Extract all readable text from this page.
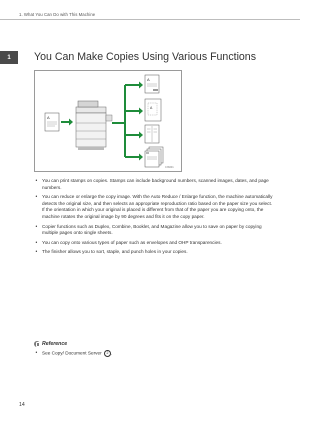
1. What You Can Do with This Machine
1	You Can Make Copies Using Various Functions
A
A
A
CIS001
• You can print stamps on copies. Stamps can include background numbers, scanned images, dates, and page numbers.
• You can reduce or enlarge the copy image. With the Auto Reduce / Enlarge function, the machine automatically detects the original size, and then selects an appropriate reproduction ratio based on the paper size you select. If the orientation in which your original is placed is different from that of the paper you are copying onto, the machine rotates the original image by 90 degrees and fits it on the copy paper.
• Copier functions such as Duplex, Combine, Booklet, and Magazine allow you to save on paper by copying multiple pages onto single sheets.
• You can copy onto various types of paper such as envelopes and OHP transparencies.
• The finisher allows you to sort, staple, and punch holes in your copies.
Reference
• See Copy/ Document Server 2 .
14
